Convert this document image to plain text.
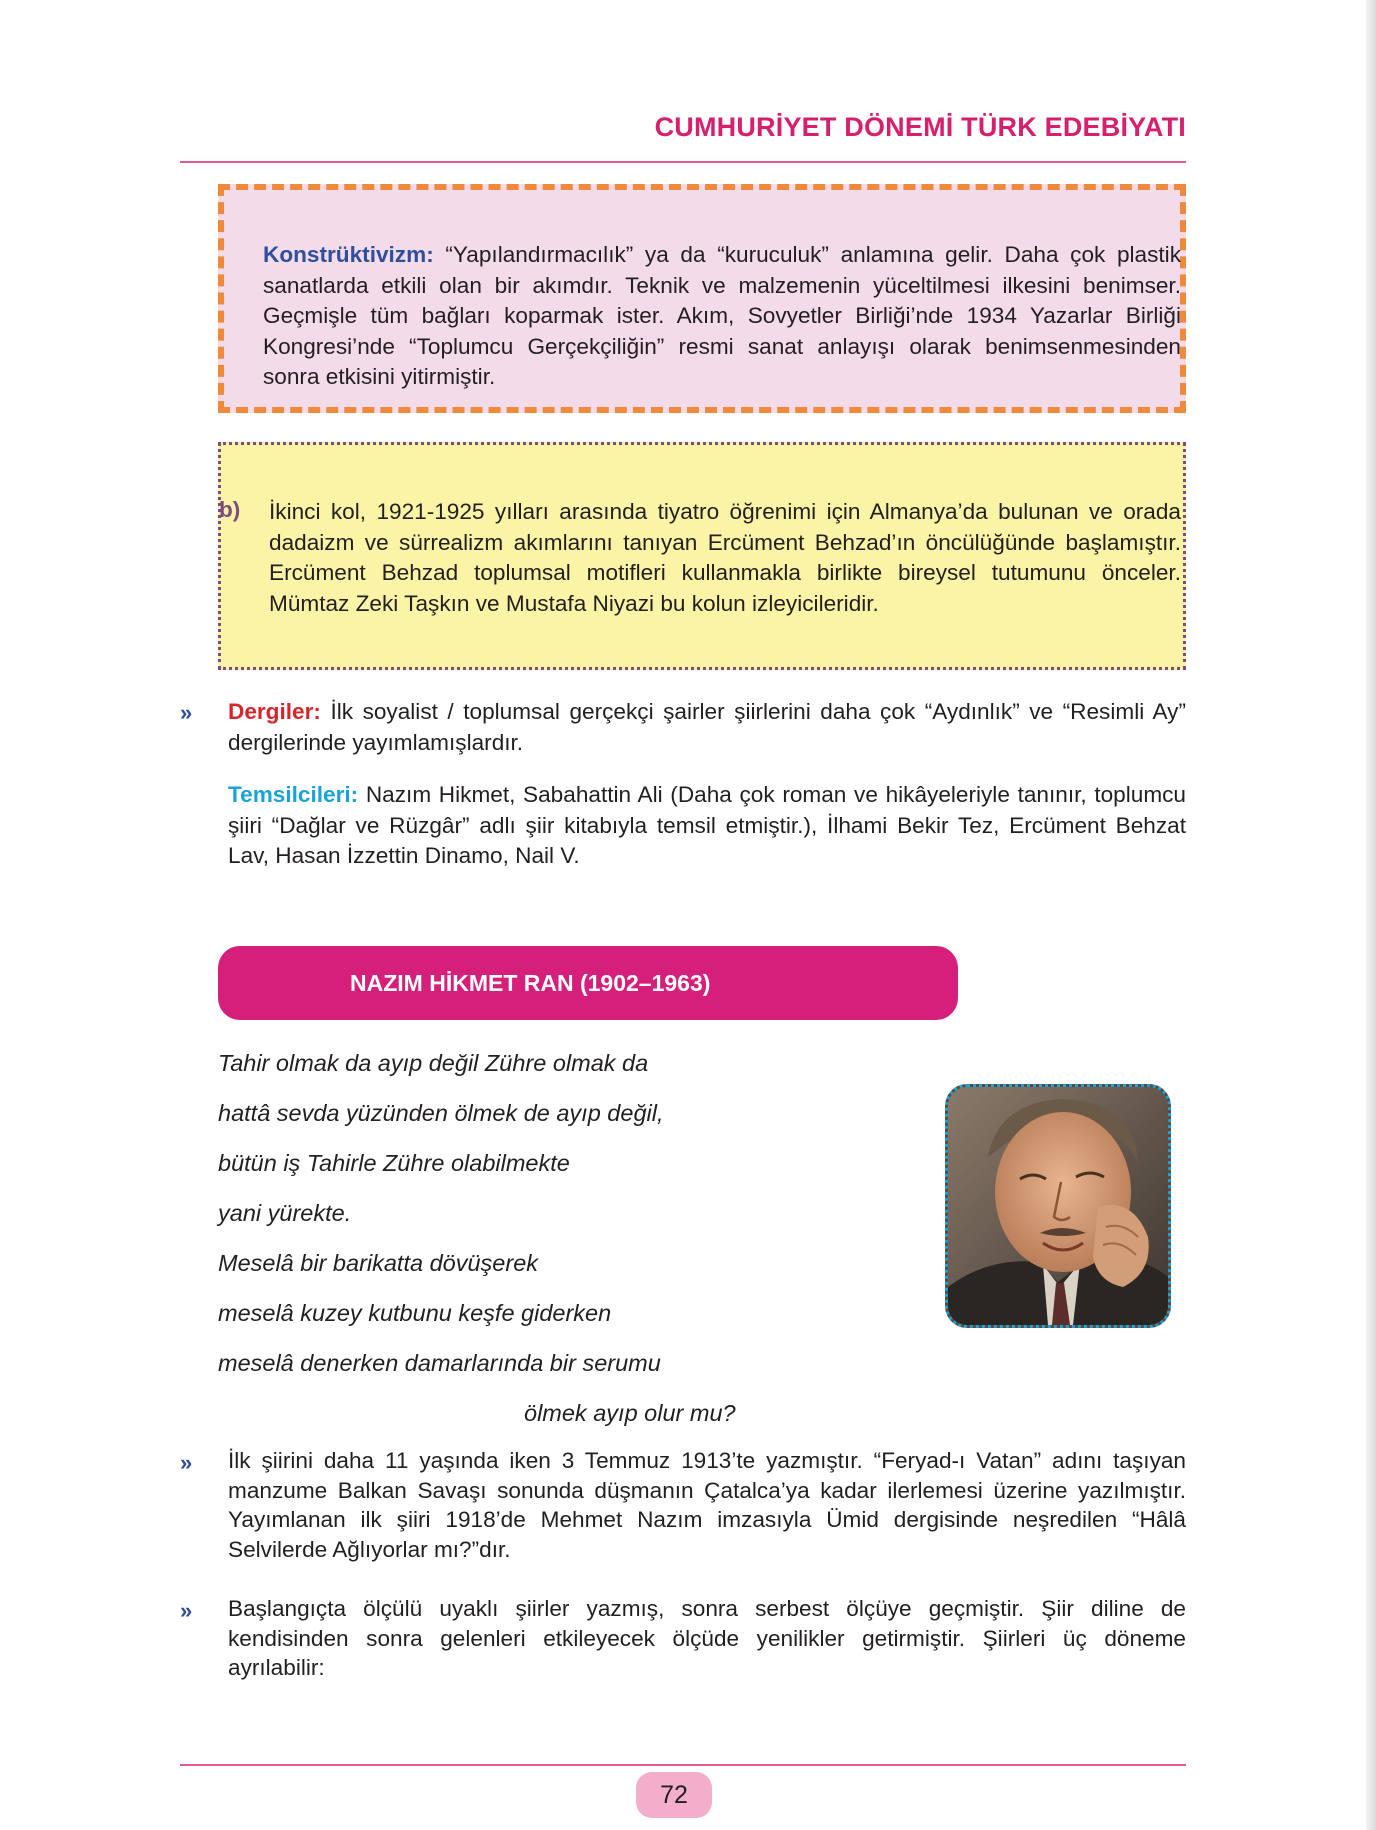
CUMHURİYET DÖNEMİ TÜRK EDEBİYATI

Konstrüktivizm: “Yapılandırmacılık” ya da “kuruculuk” anlamına gelir. Daha çok plastik sanatlarda etkili olan bir akımdır. Teknik ve malzemenin yüceltilmesi ilkesini benimser. Geçmişle tüm bağları koparmak ister. Akım, Sovyetler Birliği’nde 1934 Yazarlar Birliği Kongresi’nde “Toplumcu Gerçekçiliğin” resmi sanat anlayışı olarak benimsenmesinden sonra etkisini yitirmiştir.

b) İkinci kol, 1921-1925 yılları arasında tiyatro öğrenimi için Almanya’da bulunan ve orada dadaizm ve sürrealizm akımlarını tanıyan Ercüment Behzad’ın öncülüğünde başlamıştır. Ercüment Behzad toplumsal motifleri kullanmakla birlikte bireysel tutumunu önceler. Mümtaz Zeki Taşkın ve Mustafa Niyazi bu kolun izleyicileridir.

» Dergiler: İlk soyalist / toplumsal gerçekçi şairler şiirlerini daha çok “Aydınlık” ve “Resimli Ay” dergilerinde yayımlamışlardır.

Temsilcileri: Nazım Hikmet, Sabahattin Ali (Daha çok roman ve hikâyeleriyle tanınır, toplumcu şiiri “Dağlar ve Rüzgâr” adlı şiir kitabıyla temsil etmiştir.), İlhami Bekir Tez, Ercüment Behzat Lav, Hasan İzzettin Dinamo, Nail V.

NAZIM HİKMET RAN (1902–1963)
Tahir olmak da ayıp değil Zühre olmak da
hattâ sevda yüzünden ölmek de ayıp değil,
bütün iş Tahirle Zühre olabilmekte
yani yürekte.
Meselâ bir barikatta dövüşerek
meselâ kuzey kutbunu keşfe giderken
meselâ denerken damarlarında bir serumu
ölmek ayıp olur mu?
» İlk şiirini daha 11 yaşında iken 3 Temmuz 1913’te yazmıştır. “Feryad-ı Vatan” adını taşıyan manzume Balkan Savaşı sonunda düşmanın Çatalca’ya kadar ilerlemesi üzerine yazılmıştır. Yayımlanan ilk şiiri 1918’de Mehmet Nazım imzasıyla Ümid dergisinde neşredilen “Hâlâ Selvilerde Ağlıyorlar mı?”dır.

» Başlangıçta ölçülü uyaklı şiirler yazmış, sonra serbest ölçüye geçmiştir. Şiir diline de kendisinden sonra gelenleri etkileyecek ölçüde yenilikler getirmiştir. Şiirleri üç döneme ayrılabilir:

72
